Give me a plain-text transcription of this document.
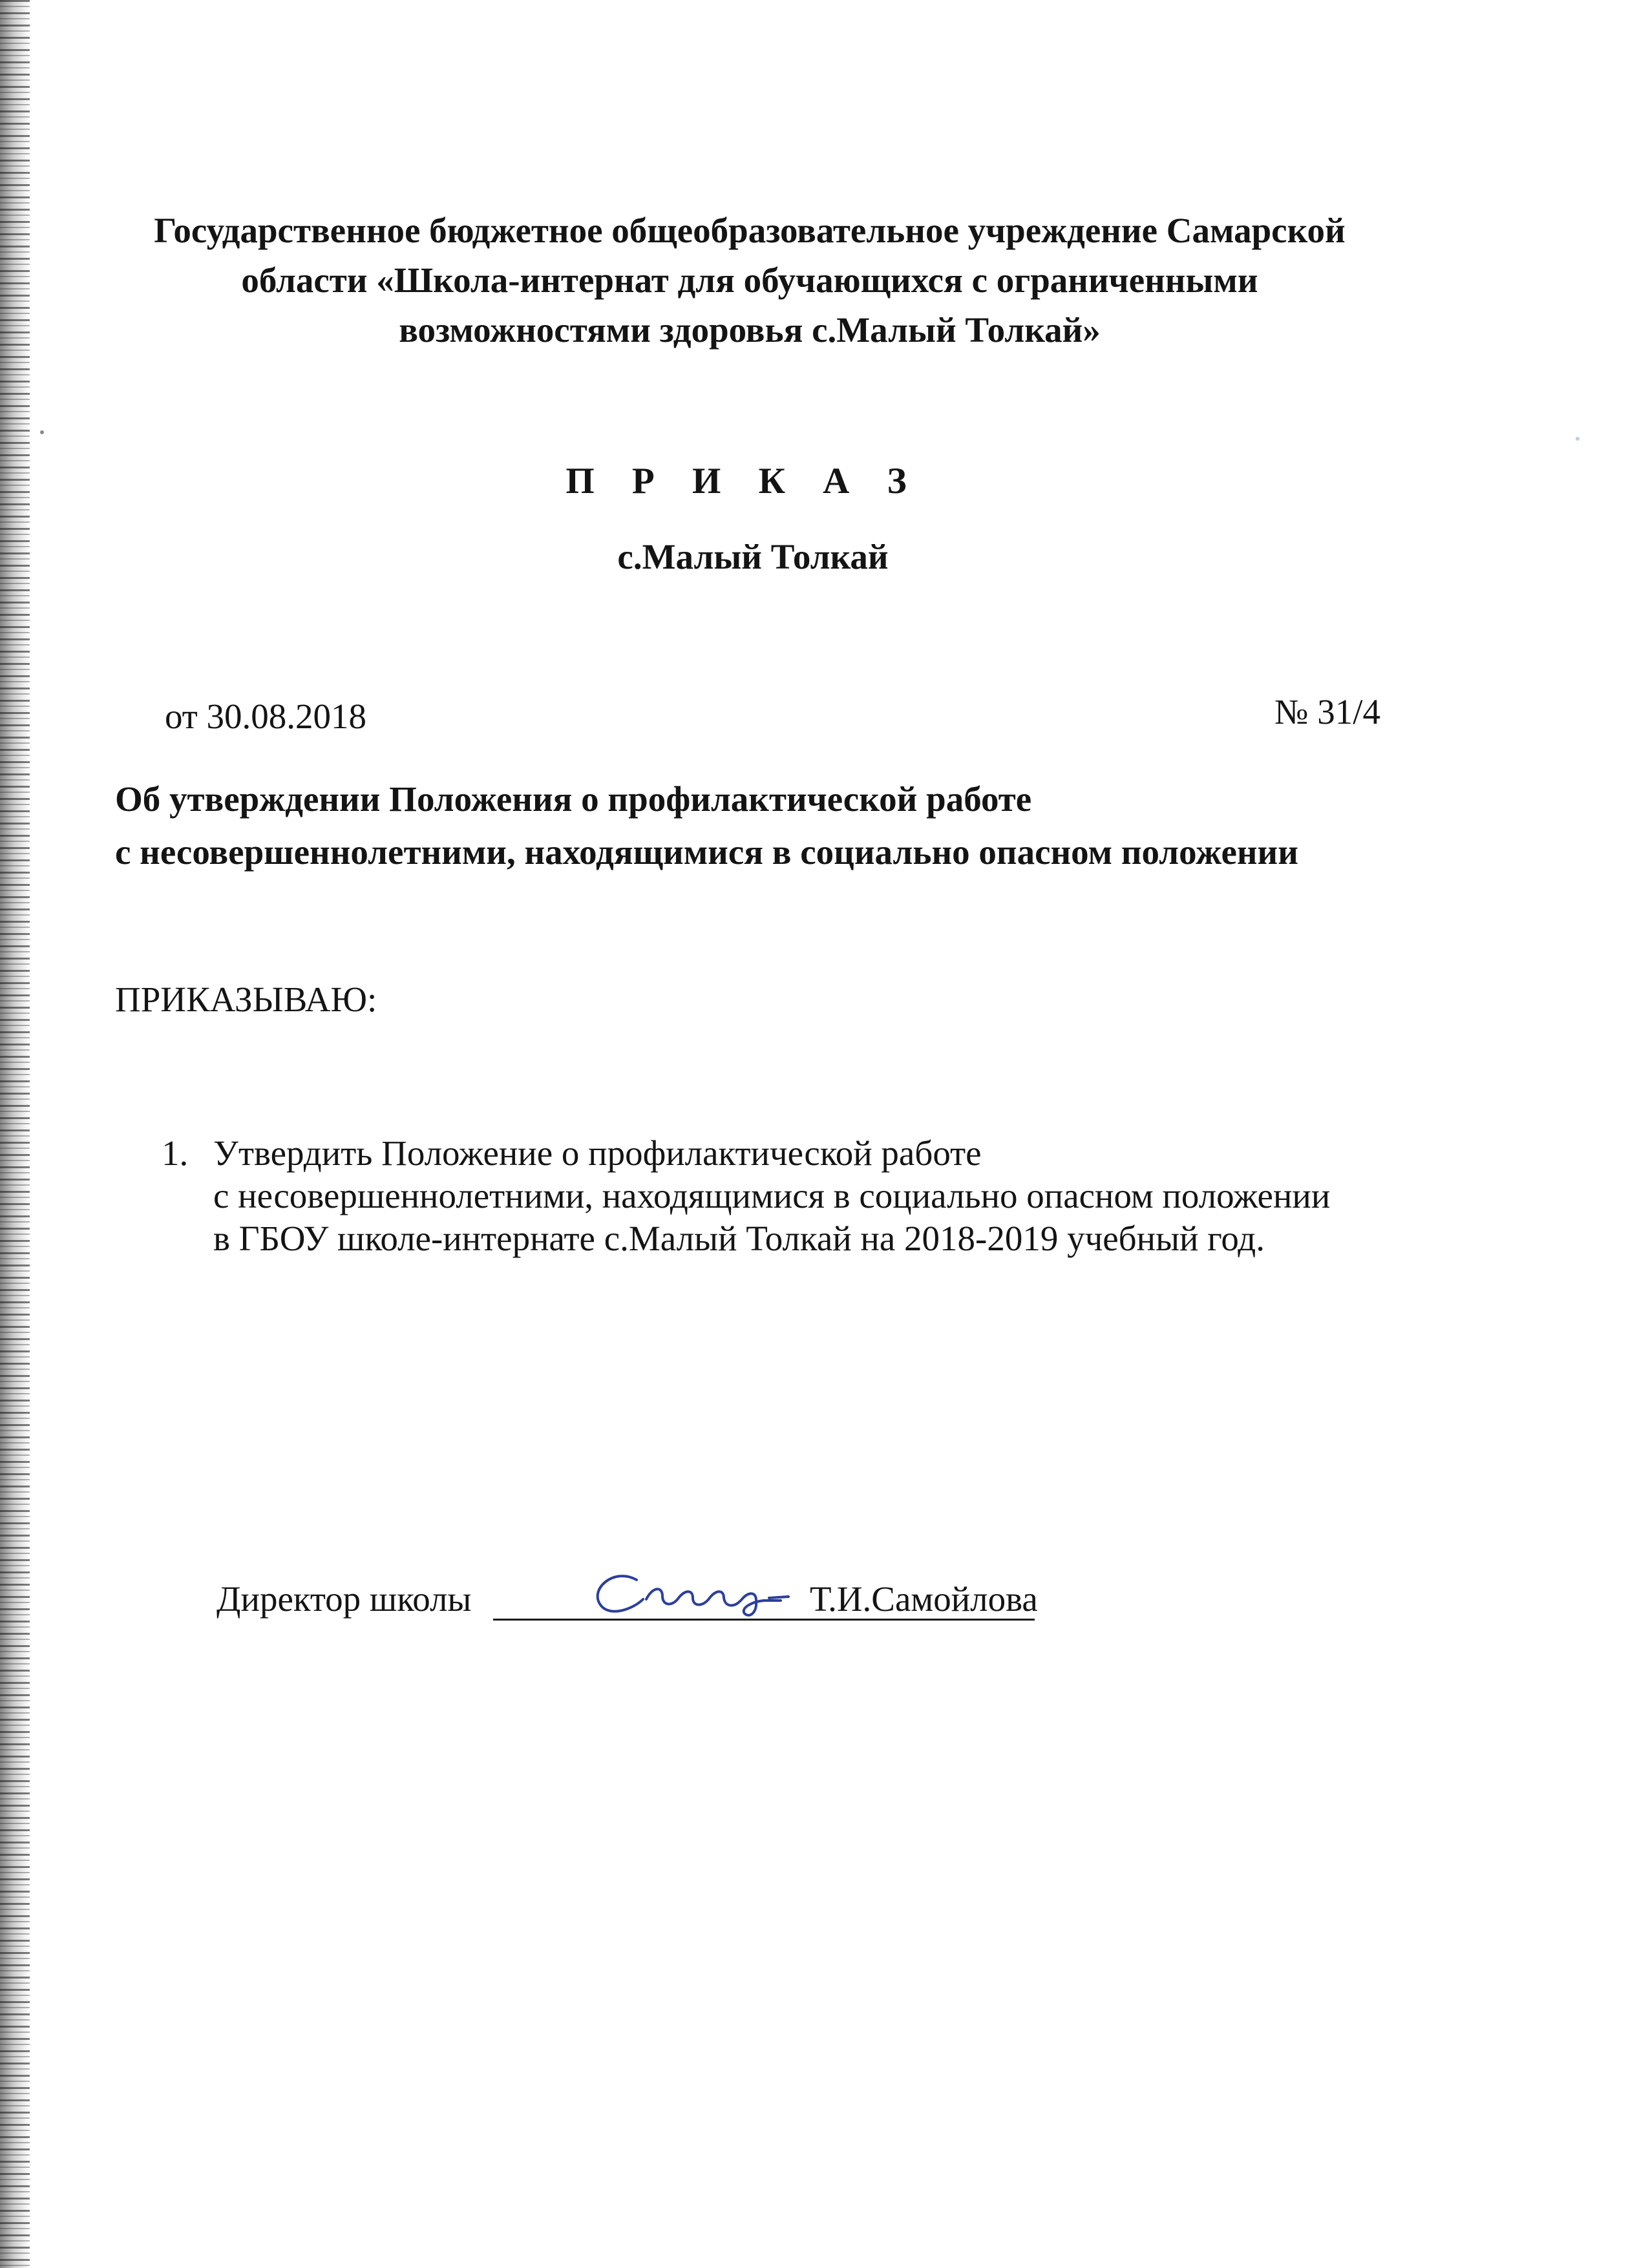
Государственное бюджетное общеобразовательное учреждение Самарской
области «Школа-интернат для обучающихся с ограниченными
возможностями здоровья с.Малый Толкай»
П Р И К А З
с.Малый Толкай
от 30.08.2018	№ 31/4
Об утверждении Положения о профилактической работе
с несовершеннолетними, находящимися в социально опасном положении
ПРИКАЗЫВАЮ:
1. Утвердить Положение о профилактической работе
с несовершеннолетними, находящимися в социально опасном положении
в ГБОУ школе-интернате с.Малый Толкай на 2018-2019 учебный год.
Директор школы	Т.И.Самойлова
